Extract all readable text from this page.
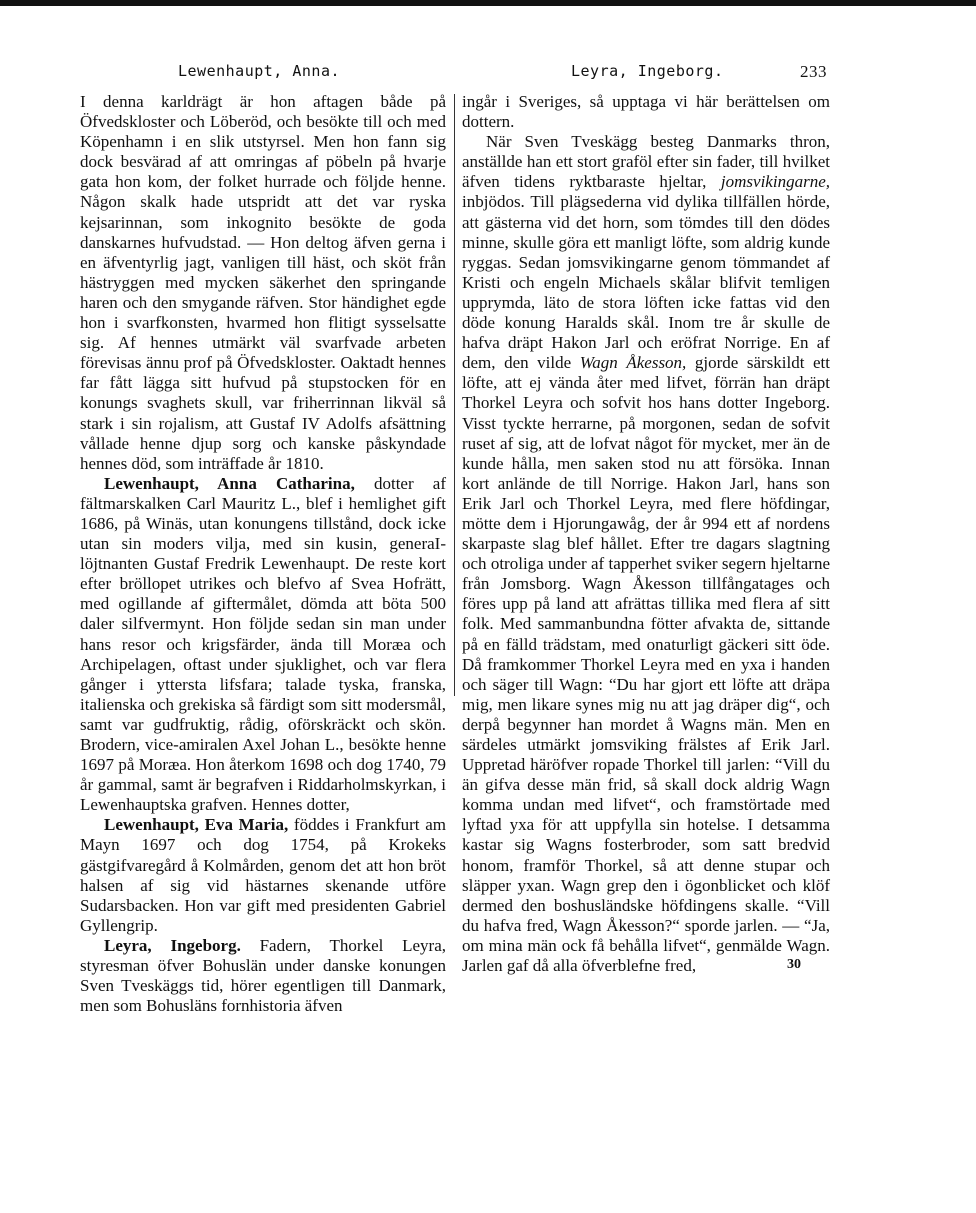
Lewenhaupt, Anna.	Leyra, Ingeborg.	233

I denna karldrägt är hon aftagen både på Öfvedskloster och Löberöd, och besökte till och med Köpenhamn i en slik utstyrsel. Men hon fann sig dock besvärad af att omringas af pöbeln på hvarje gata hon kom, der folket hurrade och följde henne. Någon skalk hade utspridt att det var ryska kejsarinnan, som inkognito besökte de goda danskarnes hufvudstad. — Hon deltog äfven gerna i en äfventyrlig jagt, vanligen till häst, och sköt från hästryggen med mycken säkerhet den springande haren och den smygande räfven. Stor händighet egde hon i svarfkonsten, hvarmed hon flitigt sysselsatte sig. Af hennes utmärkt väl svarfvade arbeten förevisas ännu prof på Öfvedskloster. Oaktadt hennes far fått lägga sitt hufvud på stupstocken för en konungs svaghets skull, var friherrinnan likväl så stark i sin rojalism, att Gustaf IV Adolfs afsättning vållade henne djup sorg och kanske påskyndade hennes död, som inträffade år 1810.

Lewenhaupt, Anna Catharina, dotter af fältmarskalken Carl Mauritz L., blef i hemlighet gift 1686, på Winäs, utan konungens tillstånd, dock icke utan sin moders vilja, med sin kusin, generaI-löjtnanten Gustaf Fredrik Lewenhaupt. De reste kort efter bröllopet utrikes och blefvo af Svea Hofrätt, med ogillande af giftermålet, dömda att böta 500 daler silfvermynt. Hon följde sedan sin man under hans resor och krigsfärder, ända till Moræa och Archipelagen, oftast under sjuklighet, och var flera gånger i yttersta lifsfara; talade tyska, franska, italienska och grekiska så färdigt som sitt modersmål, samt var gudfruktig, rådig, oförskräckt och skön. Brodern, vice-amiralen Axel Johan L., besökte henne 1697 på Moræa. Hon återkom 1698 och dog 1740, 79 år gammal, samt är begrafven i Riddarholmskyrkan, i Lewenhauptska grafven. Hennes dotter,

Lewenhaupt, Eva Maria, föddes i Frankfurt am Mayn 1697 och dog 1754, på Krokeks gästgifvaregård å Kolmården, genom det att hon bröt halsen af sig vid hästarnes skenande utföre Sudarsbacken. Hon var gift med presidenten Gabriel Gyllengrip.

Leyra, Ingeborg. Fadern, Thorkel Leyra, styresman öfver Bohuslän under danske konungen Sven Tveskäggs tid, hörer egentligen till Danmark, men som Bohusläns fornhistoria äfven

ingår i Sveriges, så upptaga vi här berättelsen om dottern.

När Sven Tveskägg besteg Danmarks thron, anställde han ett stort graföl efter sin fader, till hvilket äfven tidens ryktbaraste hjeltar, jomsvikingarne, inbjödos. Till plägsederna vid dylika tillfällen hörde, att gästerna vid det horn, som tömdes till den dödes minne, skulle göra ett manligt löfte, som aldrig kunde ryggas. Sedan jomsvikingarne genom tömmandet af Kristi och engeln Michaels skålar blifvit temligen upprymda, läto de stora löften icke fattas vid den döde konung Haralds skål. Inom tre år skulle de hafva dräpt Hakon Jarl och eröfrat Norrige. En af dem, den vilde Wagn Åkesson, gjorde särskildt ett löfte, att ej vända åter med lifvet, förrän han dräpt Thorkel Leyra och sofvit hos hans dotter Ingeborg. Visst tyckte herrarne, på morgonen, sedan de sofvit ruset af sig, att de lofvat något för mycket, mer än de kunde hålla, men saken stod nu att försöka. Innan kort anlände de till Norrige. Hakon Jarl, hans son Erik Jarl och Thorkel Leyra, med flere höfdingar, mötte dem i Hjorungawåg, der år 994 ett af nordens skarpaste slag blef hållet. Efter tre dagars slagtning och otroliga under af tapperhet sviker segern hjeltarne från Jomsborg. Wagn Åkesson tillfångatages och föres upp på land att afrättas tillika med flera af sitt folk. Med sammanbundna fötter afvakta de, sittande på en fälld trädstam, med onaturligt gäckeri sitt öde. Då framkommer Thorkel Leyra med en yxa i handen och säger till Wagn: “Du har gjort ett löfte att dräpa mig, men likare synes mig nu att jag dräper dig“, och derpå begynner han mordet å Wagns män. Men en särdeles utmärkt jomsviking frälstes af Erik Jarl. Uppretad häröfver ropade Thorkel till jarlen: “Vill du än gifva desse män frid, så skall dock aldrig Wagn komma undan med lifvet“, och framstörtade med lyftad yxa för att uppfylla sin hotelse. I detsamma kastar sig Wagns fosterbroder, som satt bredvid honom, framför Thorkel, så att denne stupar och släpper yxan. Wagn grep den i ögonblicket och klöf dermed den boshusländske höfdingens skalle. “Vill du hafva fred, Wagn Åkesson?“ sporde jarlen. — “Ja, om mina män ock få behålla lifvet“, genmälde Wagn. Jarlen gaf då alla öfverblefne fred,	30
